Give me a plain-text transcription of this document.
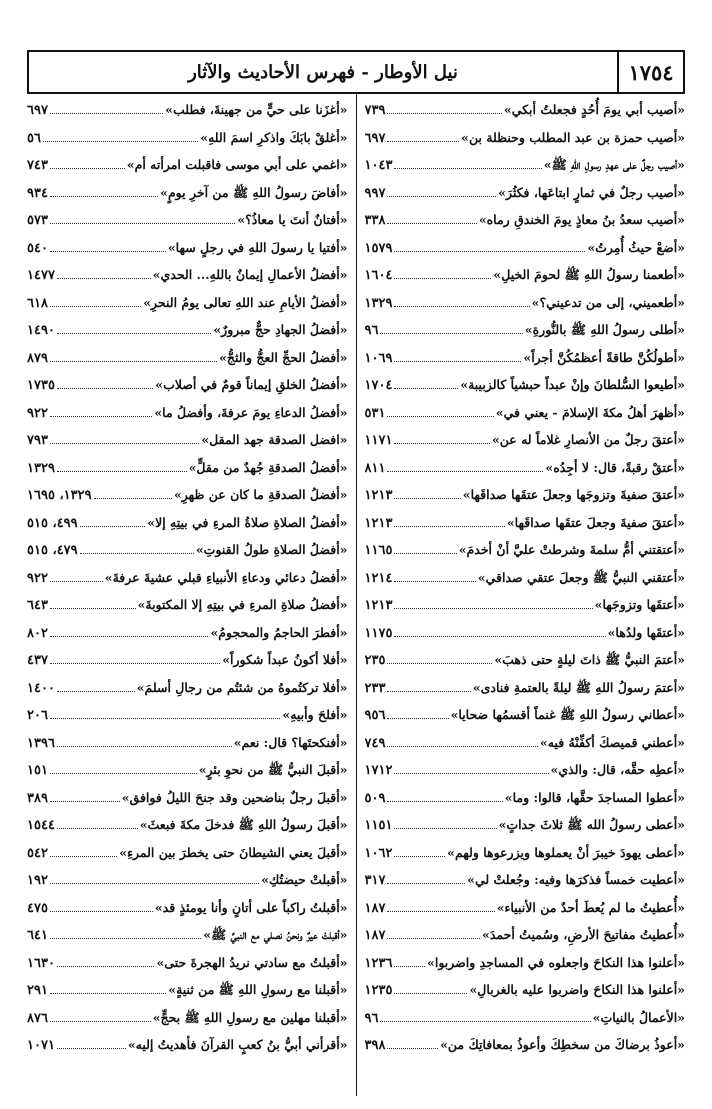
١٧٥٤
نيل الأوطار - فهرس الأحاديث والآثار
«أصيب أبي يومَ أُحُدٍ فجعلتُ أبكي»
٧٣٩
«أصيب حمزة بن عبد المطلب وحنظلة بن»
٦٩٧
«أصيب رجلٌ على عهدِ رسولِ اللهِ ﷺ»
١٠٤٣
«أصيب رجلٌ في ثمارٍ ابتاعَها، فكثُرَ»
٩٩٧
«أصيب سعدُ بنُ معاذٍ يومَ الخندقِ رماه»
٣٣٨
«أضعْ حيثُ أُمِرتُ»
١٥٧٩
«أطعمنا رسولُ اللهِ ﷺ لحومَ الخيلِ»
١٦٠٤
«أطعميني، إلى من تدعيني؟»
١٣٢٩
«أطلى رسولُ اللهِ ﷺ بالنُّورةِ»
٩٦
«أطولُكُنَّ طاقةً أعظمُكُنَّ أجراً»
١٠٦٩
«أطيعوا السُّلطانَ وإنْ عبداً حبشياً كالزبيبة»
١٧٠٤
«أظهرَ أهلُ مكةَ الإسلامَ - يعني في»
٥٣١
«أعتقَ رجلٌ من الأنصارِ غلاماً له عن»
١١٧١
«أعتقْ رقبةً، قال: لا أجِدُه»
٨١١
«أعتقَ صفيةَ وتزوجَها وجعلَ عتقَها صداقَها»
١٢١٣
«أعتقَ صفيةَ وجعلَ عتقَها صداقَها»
١٢١٣
«أعتقتني أمُّ سلمةَ وشرطتْ عليَّ أنْ أخدمَ»
١١٦٥
«أعتقني النبيُّ ﷺ وجعلَ عتقي صداقي»
١٢١٤
«أعتقَها وتزوجَها»
١٢١٣
«أعتقَها ولدُها»
١١٧٥
«أعتمَ النبيُّ ﷺ ذاتَ ليلةٍ حتى ذهبَ»
٢٣٥
«أعتمَ رسولُ اللهِ ﷺ ليلةً بالعتمةِ فنادى»
٢٣٣
«أعطاني رسولُ اللهِ ﷺ غنماً أقسمُها ضحايا»
٩٥٦
«أعطني قميصكَ أكفِّنْهُ فيه»
٧٤٩
«أعطِه حقَّه، قال: والذي»
١٧١٢
«أعطوا المساجدَ حقَّها، قالوا: وما»
٥٠٩
«أعطى رسولُ الله ﷺ ثلاثَ جداتٍ»
١١٥١
«أعطى يهودَ خيبرَ أنْ يعملوها ويزرعوها ولهم»
١٠٦٢
«أعطيت خمساً فذكرَها وفيه: وجُعلتْ لي»
٣١٧
«أُعطيتُ ما لم يُعطَ أحدٌ من الأنبياء»
١٨٧
«أُعطيتُ مفاتيحَ الأرضِ، وسُميتُ أحمدَ»
١٨٧
«أعلنوا هذا النكاحَ واجعلوه في المساجدِ واضربوا»
١٢٣٦
«أعلنوا هذا النكاحَ واضربوا عليه بالغربالِ»
١٢٣٥
«الأعمالُ بالنياتِ»
٩٦
«أعوذُ برضاكَ من سخطِكَ وأعوذُ بمعافاتِكَ من»
٣٩٨
«أغزَنا على حيٍّ من جهينةَ، فطلب»
٦٩٧
«أغلقْ بابَكَ واذكرِ اسمَ اللهِ»
٥٦
«اغمي على أبي موسى فاقبلت امرأته أم»
٧٤٣
«أفاضَ رسولُ اللهِ ﷺ من آخرِ يومٍ»
٩٣٤
«أفتانٌ أنتَ يا معاذُ؟»
٥٧٣
«أفتيا يا رسولَ اللهِ في رجلٍ سها»
٥٤٠
«أفضلُ الأعمالِ إيمانٌ باللهِ... الحدي»
١٤٧٧
«أفضلُ الأيامِ عند اللهِ تعالى يومُ النحرِ»
٦١٨
«أفضلُ الجهادِ حجٌّ مبرورٌ»
١٤٩٠
«أفضلُ الحجِّ العجُّ والثجُّ»
٨٧٩
«أفضلُ الخلقِ إيماناً قومٌ في أصلاب»
١٧٣٥
«أفضلُ الدعاءِ يومَ عرفةَ، وأفضلُ ما»
٩٢٢
«افضل الصدقة جهد المقل»
٧٩٣
«أفضلُ الصدقةِ جُهدٌ من مقلٍّ»
١٣٢٩
«أفضلُ الصدقةِ ما كان عن ظهرِ»
١٣٢٩، ١٦٩٥
«أفضلُ الصلاةِ صلاةُ المرءِ في بيتِهِ إلا»
٤٩٩، ٥١٥
«أفضلُ الصلاةِ طولُ القنوتِ»
٤٧٩، ٥١٥
«أفضلُ دعائي ودعاءِ الأنبياءِ قبلي عشيةَ عرفةَ»
٩٢٢
«أفضلُ صلاةِ المرءِ في بيتِهِ إلا المكتوبةَ»
٦٤٣
«أفطرَ الحاجمُ والمحجومُ»
٨٠٢
«أفلا أكونُ عبداً شكوراً»
٤٣٧
«أفلا تركتُموهُ من شئتُم من رجالِ أسلمَ»
١٤٠٠
«أفلحَ وأبيهِ»
٢٠٦
«أفنكحتَها؟ قال: نعم»
١٣٩٦
«أقبلَ النبيُّ ﷺ من نحوِ بئرٍ»
١٥١
«أقبلَ رجلٌ بناضحين وقد جنحَ الليلُ فوافق»
٣٨٩
«أقبلَ رسولُ اللهِ ﷺ فدخلَ مكةَ فبعثَ»
١٥٤٤
«أقبلَ يعني الشيطانَ حتى يخطرَ بين المرءِ»
٥٤٢
«أقبلتْ حيضتُكِ»
١٩٢
«أقبلتُ راكباً على أتانٍ وأنا يومئذٍ قد»
٤٧٥
«أقبلتْ عيرٌ ونحنُ نصلي مع النبيِّ ﷺ»
٦٤١
«أقبلتُ مع سادتي نريدُ الهجرةَ حتى»
١٦٣٠
«أقبلنا مع رسولِ اللهِ ﷺ من ثنيةٍ»
٢٩١
«أقبلنا مهلين مع رسولِ اللهِ ﷺ بحجٍّ»
٨٧٦
«أقرأني أبيُّ بنُ كعبٍ القرآنَ فأهديتُ إليه»
١٠٧١
